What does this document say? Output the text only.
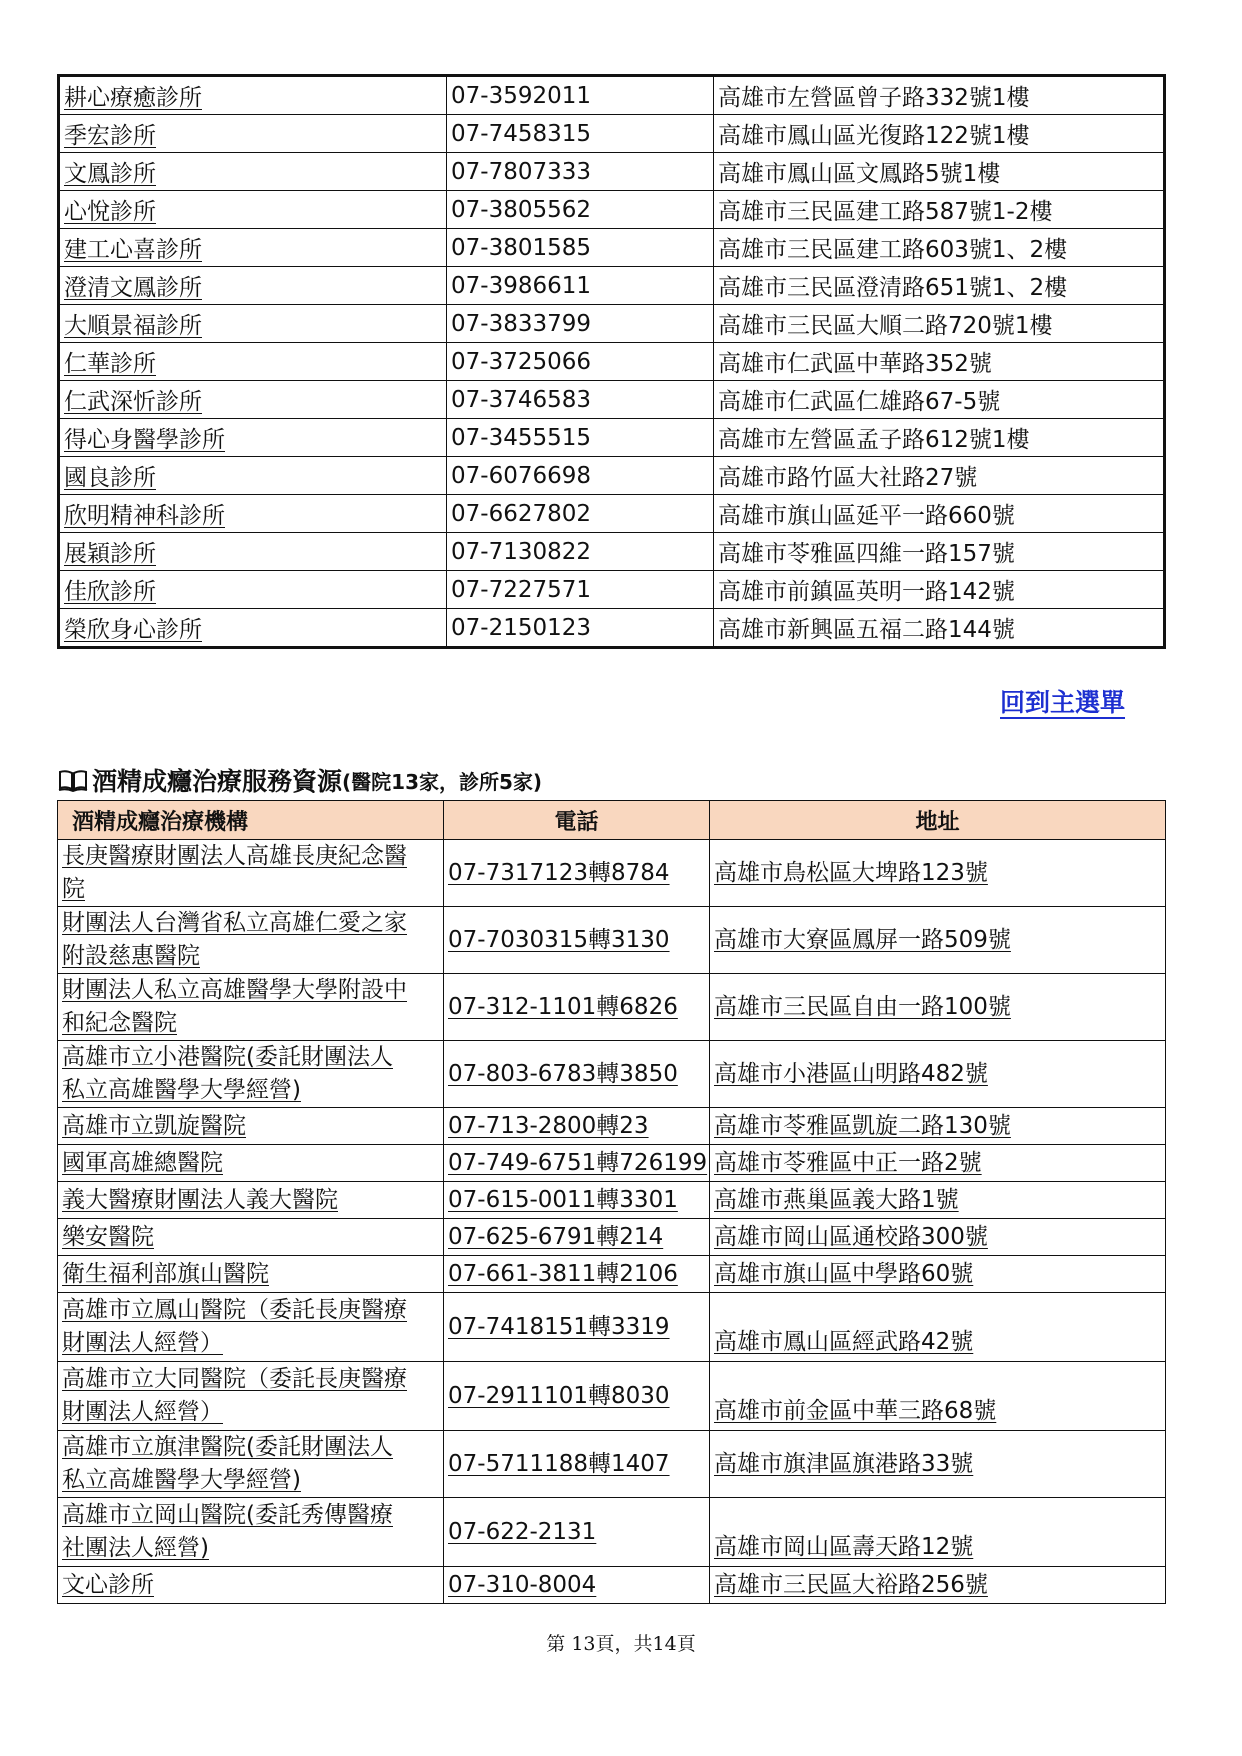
耕心療癒診所	07-3592011	高雄市左營區曾子路332號1樓
季宏診所	07-7458315	高雄市鳳山區光復路122號1樓
文鳳診所	07-7807333	高雄市鳳山區文鳳路5號1樓
心悅診所	07-3805562	高雄市三民區建工路587號1-2樓
建工心喜診所	07-3801585	高雄市三民區建工路603號1、2樓
澄清文鳳診所	07-3986611	高雄市三民區澄清路651號1、2樓
大順景福診所	07-3833799	高雄市三民區大順二路720號1樓
仁華診所	07-3725066	高雄市仁武區中華路352號
仁武深忻診所	07-3746583	高雄市仁武區仁雄路67-5號
得心身醫學診所	07-3455515	高雄市左營區孟子路612號1樓
國良診所	07-6076698	高雄市路竹區大社路27號
欣明精神科診所	07-6627802	高雄市旗山區延平一路660號
展穎診所	07-7130822	高雄市苓雅區四維一路157號
佳欣診所	07-7227571	高雄市前鎮區英明一路142號
榮欣身心診所	07-2150123	高雄市新興區五福二路144號
回到主選單
酒精成癮治療服務資源 (醫院13家，診所5家)
酒精成癮治療機構	電話	地址
長庚醫療財團法人高雄長庚紀念醫
院	07-7317123轉8784	高雄市鳥松區大埤路123號
財團法人台灣省私立高雄仁愛之家
附設慈惠醫院	07-7030315轉3130	高雄市大寮區鳳屏一路509號
財團法人私立高雄醫學大學附設中
和紀念醫院	07-312-1101轉6826	高雄市三民區自由一路100號
高雄市立小港醫院(委託財團法人
私立高雄醫學大學經營)	07-803-6783轉3850	高雄市小港區山明路482號
高雄市立凱旋醫院	07-713-2800轉23	高雄市苓雅區凱旋二路130號
國軍高雄總醫院	07-749-6751轉726199	高雄市苓雅區中正一路2號
義大醫療財團法人義大醫院	07-615-0011轉3301	高雄市燕巢區義大路1號
樂安醫院	07-625-6791轉214	高雄市岡山區通校路300號
衛生福利部旗山醫院	07-661-3811轉2106	高雄市旗山區中學路60號
高雄市立鳳山醫院（委託長庚醫療
財團法人經營）	07-7418151轉3319	高雄市鳳山區經武路42號
高雄市立大同醫院（委託長庚醫療
財團法人經營）	07-2911101轉8030	高雄市前金區中華三路68號
高雄市立旗津醫院(委託財團法人
私立高雄醫學大學經營)	07-5711188轉1407	高雄市旗津區旗港路33號
高雄市立岡山醫院(委託秀傳醫療
社團法人經營)	07-622-2131	高雄市岡山區壽天路12號
文心診所	07-310-8004	高雄市三民區大裕路256號
第 13頁，共14頁
